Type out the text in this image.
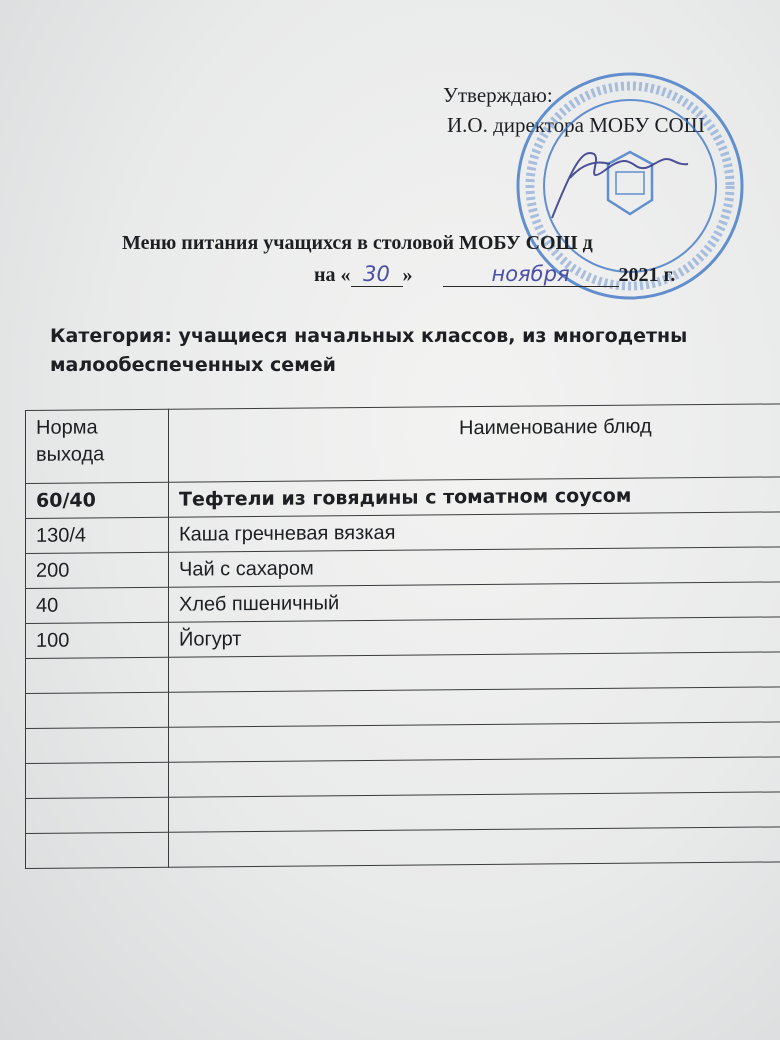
Утверждаю:
И.О. директора МОБУ СОШ
Меню питания учащихся в столовой МОБУ СОШ д
на « 30 »	ноября 2021 г.
Категория: учащиеся начальных классов, из многодетны
малообеспеченных семей
Норма выхода	Наименование блюд
60/40	Тефтели из говядины с томатном соусом
130/4	Каша гречневая вязкая
200	Чай с сахаром
40	Хлеб пшеничный
100	Йогурт
